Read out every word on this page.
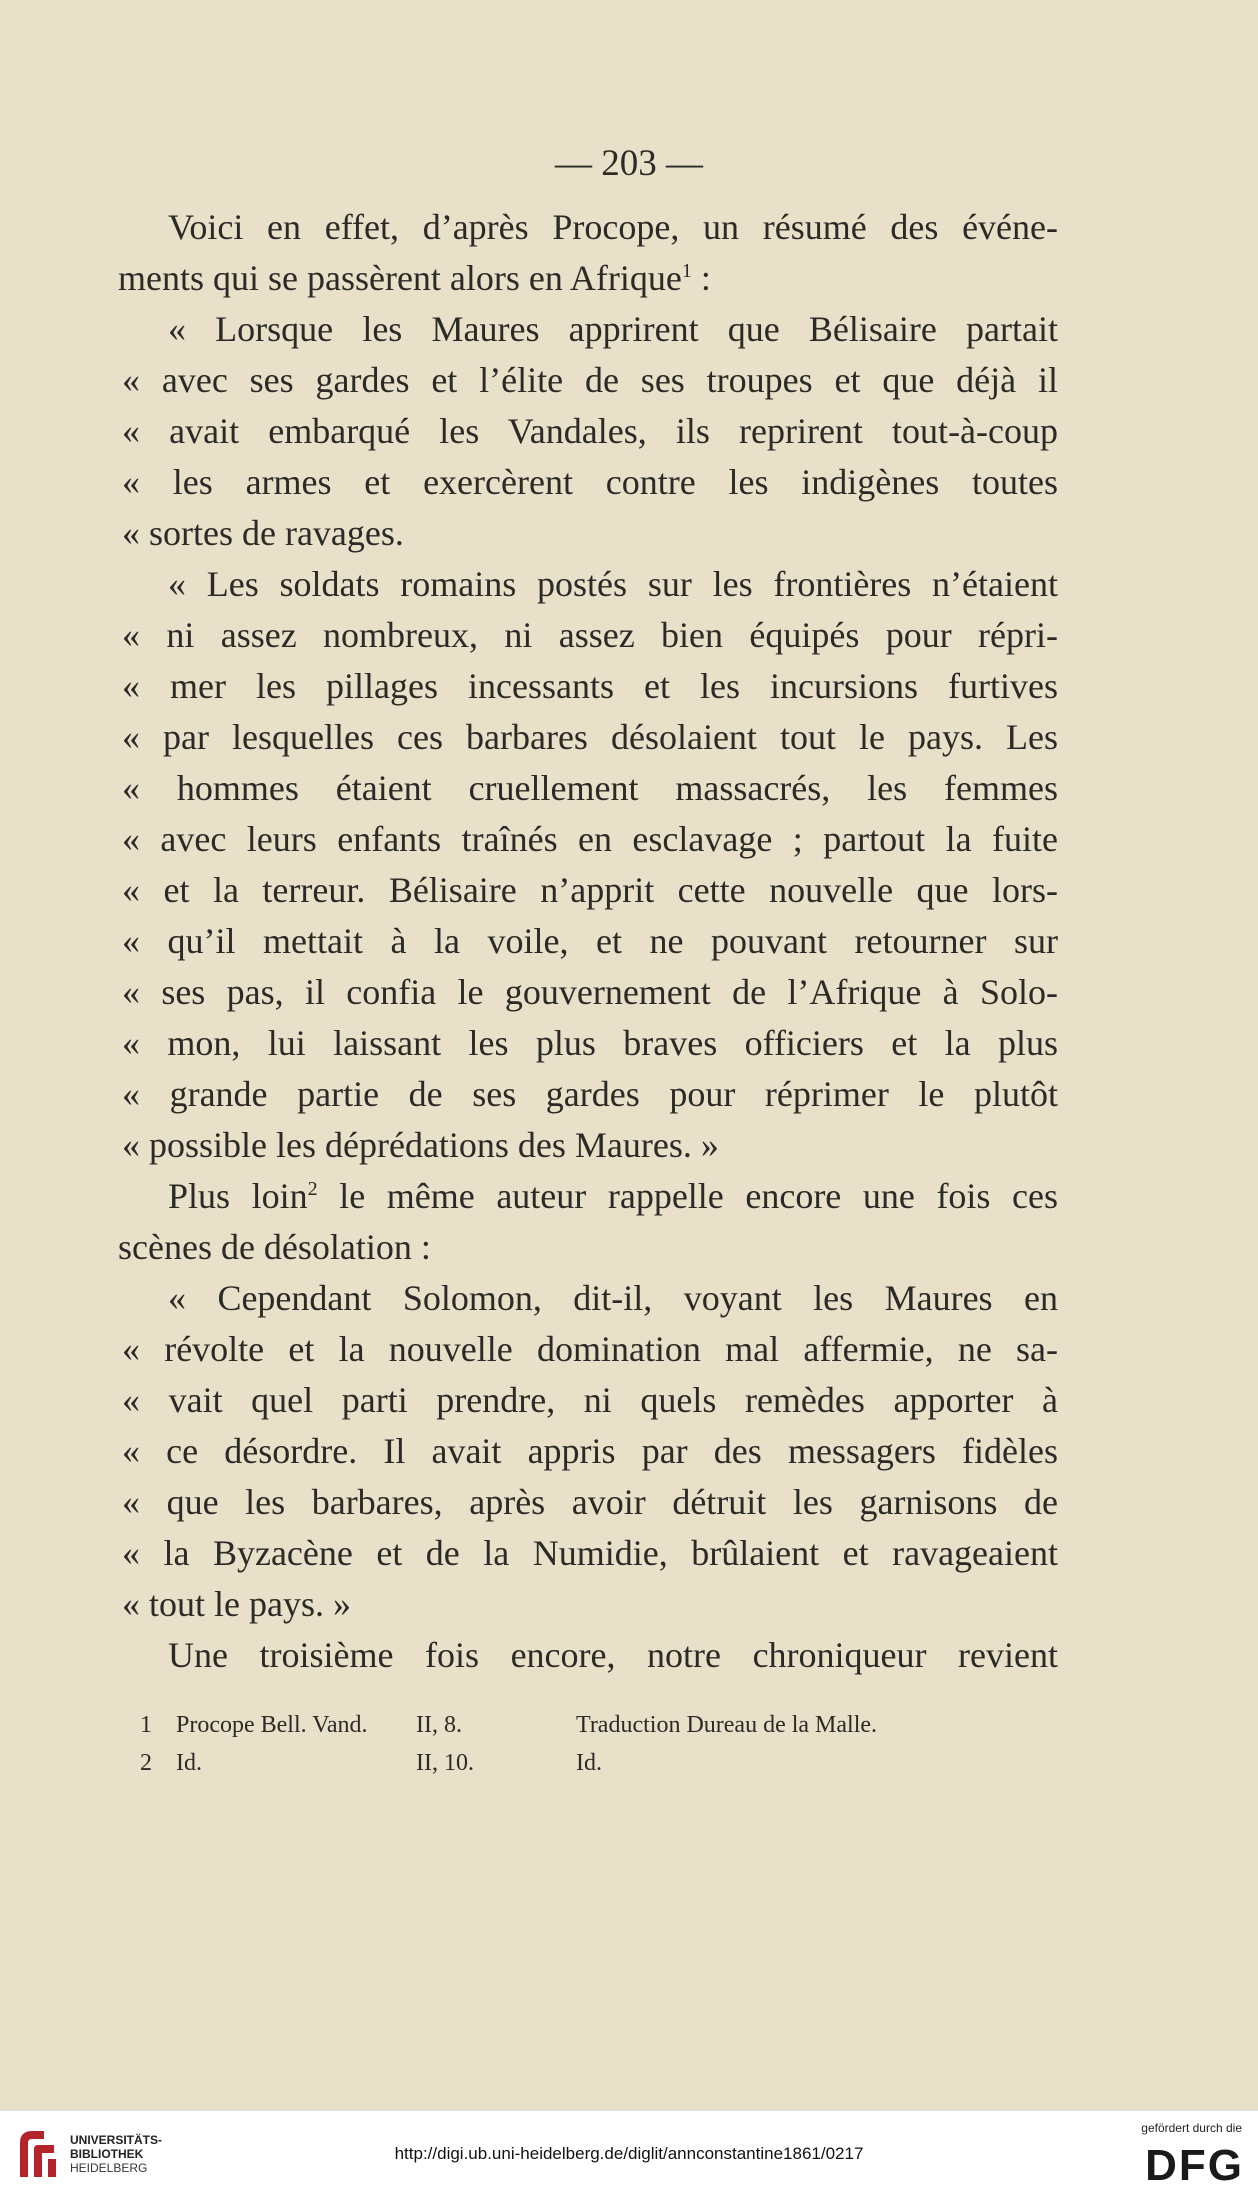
— 203 —
Voici en effet, d’après Procope, un résumé des événe-
ments qui se passèrent alors en Afrique$^1$ :
« Lorsque les Maures apprirent que Bélisaire partait
« avec ses gardes et l’élite de ses troupes et que déjà il
« avait embarqué les Vandales, ils reprirent tout-à-coup
« les armes et exercèrent contre les indigènes toutes
« sortes de ravages.
« Les soldats romains postés sur les frontières n’étaient
« ni assez nombreux, ni assez bien équipés pour répri-
« mer les pillages incessants et les incursions furtives
« par lesquelles ces barbares désolaient tout le pays. Les
« hommes étaient cruellement massacrés, les femmes
« avec leurs enfants traînés en esclavage ; partout la fuite
« et la terreur. Bélisaire n’apprit cette nouvelle que lors-
« qu’il mettait à la voile, et ne pouvant retourner sur
« ses pas, il confia le gouvernement de l’Afrique à Solo-
« mon, lui laissant les plus braves officiers et la plus
« grande partie de ses gardes pour réprimer le plutôt
« possible les déprédations des Maures. »
Plus loin$^2$ le même auteur rappelle encore une fois ces
scènes de désolation :
« Cependant Solomon, dit-il, voyant les Maures en
« révolte et la nouvelle domination mal affermie, ne sa-
« vait quel parti prendre, ni quels remèdes apporter à
« ce désordre. Il avait appris par des messagers fidèles
« que les barbares, après avoir détruit les garnisons de
« la Byzacène et de la Numidie, brûlaient et ravageaient
« tout le pays. »
Une troisième fois encore, notre chroniqueur revient
1 Procope Bell. Vand. II, 8.	Traduction Dureau de la Malle.
2 Id.	II, 10.	Id.
UNIVERSITÄTS-
BIBLIOTHEK
HEIDELBERG
http://digi.ub.uni-heidelberg.de/diglit/annconstantine1861/0217
gefördert durch die
DFG
